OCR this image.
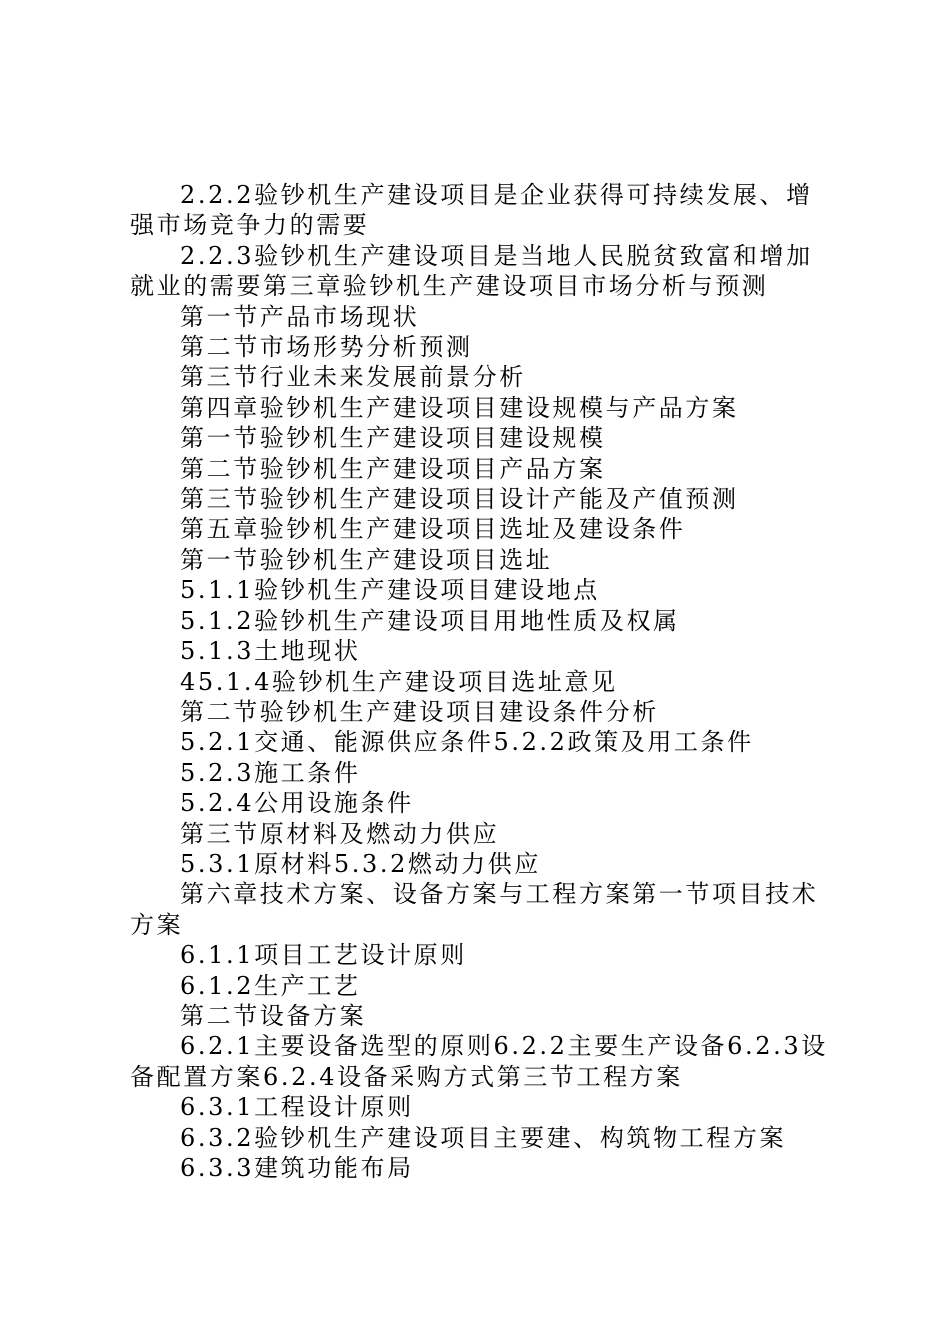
2.2.2验钞机生产建设项目是企业获得可持续发展、增强市场竞争力的需要

2.2.3验钞机生产建设项目是当地人民脱贫致富和增加就业的需要第三章验钞机生产建设项目市场分析与预测

第一节产品市场现状

第二节市场形势分析预测

第三节行业未来发展前景分析

第四章验钞机生产建设项目建设规模与产品方案

第一节验钞机生产建设项目建设规模

第二节验钞机生产建设项目产品方案

第三节验钞机生产建设项目设计产能及产值预测

第五章验钞机生产建设项目选址及建设条件

第一节验钞机生产建设项目选址

5.1.1验钞机生产建设项目建设地点

5.1.2验钞机生产建设项目用地性质及权属

5.1.3土地现状

45.1.4验钞机生产建设项目选址意见

第二节验钞机生产建设项目建设条件分析

5.2.1交通、能源供应条件5.2.2政策及用工条件

5.2.3施工条件

5.2.4公用设施条件

第三节原材料及燃动力供应

5.3.1原材料5.3.2燃动力供应

第六章技术方案、设备方案与工程方案第一节项目技术方案

6.1.1项目工艺设计原则

6.1.2生产工艺

第二节设备方案

6.2.1主要设备选型的原则6.2.2主要生产设备6.2.3设备配置方案6.2.4设备采购方式第三节工程方案

6.3.1工程设计原则

6.3.2验钞机生产建设项目主要建、构筑物工程方案

6.3.3建筑功能布局
